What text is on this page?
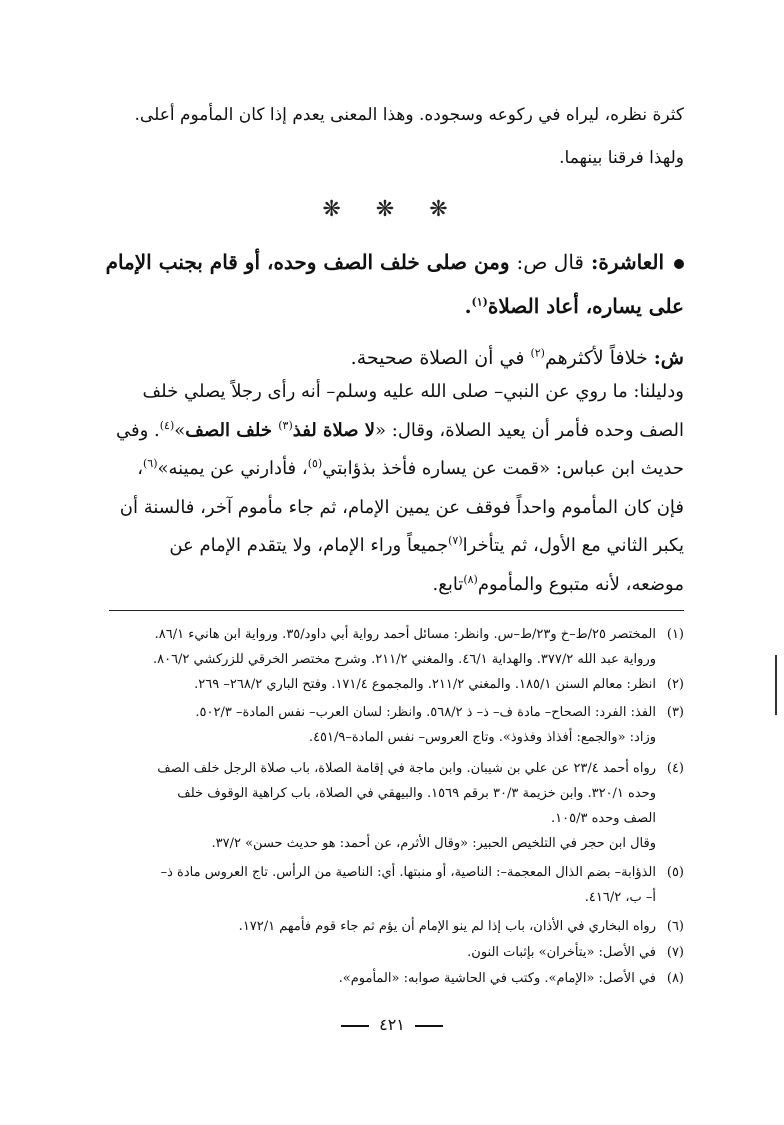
كثرة نظره، ليراه في ركوعه وسجوده. وهذا المعنى يعدم إذا كان المأموم أعلى.
ولهذا فرقنا بينهما.
❋ ❋ ❋
العاشرة: قال ص: ومن صلى خلف الصف وحده، أو قام بجنب الإمام
على يساره، أعاد الصلاة$^{(١)}$.
ش: خلافاً لأكثرهم$^{(٢)}$ في أن الصلاة صحيحة.
ودليلنا: ما روي عن النبي– صلى الله عليه وسلم– أنه رأى رجلاً يصلي خلف
الصف وحده فأمر أن يعيد الصلاة، وقال: «لا صلاة لفذ$^{(٣)}$ خلف الصف»$^{(٤)}$. وفي
حديث ابن عباس: «قمت عن يساره فأخذ بذؤابتي$^{(٥)}$، فأدارني عن يمينه»$^{(٦)}$،
فإن كان المأموم واحداً فوقف عن يمين الإمام، ثم جاء مأموم آخر، فالسنة أن
يكبر الثاني مع الأول، ثم يتأخرا$^{(٧)}$جميعاً وراء الإمام، ولا يتقدم الإمام عن
موضعه، لأنه متبوع والمأموم$^{(٨)}$تابع.
(١)المختصر ٢٥/ط–خ و٢٣/ط–س. وانظر: مسائل أحمد رواية أبي داود/٣٥. ورواية ابن هانيء ٨٦/١.
ورواية عبد الله ٣٧٧/٢. والهداية ٤٦/١. والمغني ٢١١/٢. وشرح مختصر الخرقي للزركشي ٨٠٦/٢.
(٢)انظر: معالم السنن ١٨٥/١. والمغني ٢١١/٢. والمجموع ١٧١/٤. وفتح الباري ٢٦٨/٢– ٢٦٩.
(٣)الفذ: الفرد: الصحاح– مادة ف– ذ– ذ ٥٦٨/٢. وانظر: لسان العرب– نفس المادة– ٥٠٢/٣.
وزاد: «والجمع: أفذاذ وفذوذ». وتاج العروس– نفس المادة–٤٥١/٩.
(٤)رواه أحمد ٢٣/٤ عن علي بن شيبان. وابن ماجة في إقامة الصلاة، باب صلاة الرجل خلف الصف
وحده ٣٢٠/١. وابن خزيمة ٣٠/٣ برقم ١٥٦٩. والبيهقي في الصلاة، باب كراهية الوقوف خلف
الصف وحده ١٠٥/٣.
وقال ابن حجر في التلخيص الحبير: «وقال الأثرم، عن أحمد: هو حديث حسن» ٣٧/٢.
(٥)الذؤابة– بضم الذال المعجمة–: الناصية، أو منبتها. أي: الناصية من الرأس. تاج العروس مادة ذ–
أ– ب، ٤١٦/٢.
(٦)رواه البخاري في الأذان، باب إذا لم ينو الإمام أن يؤم ثم جاء قوم فأمهم ١٧٢/١.
(٧)في الأصل: «يتأخران» بإثبات النون.
(٨)في الأصل: «الإمام». وكتب في الحاشية صوابه: «المأموم».
٤٢١
